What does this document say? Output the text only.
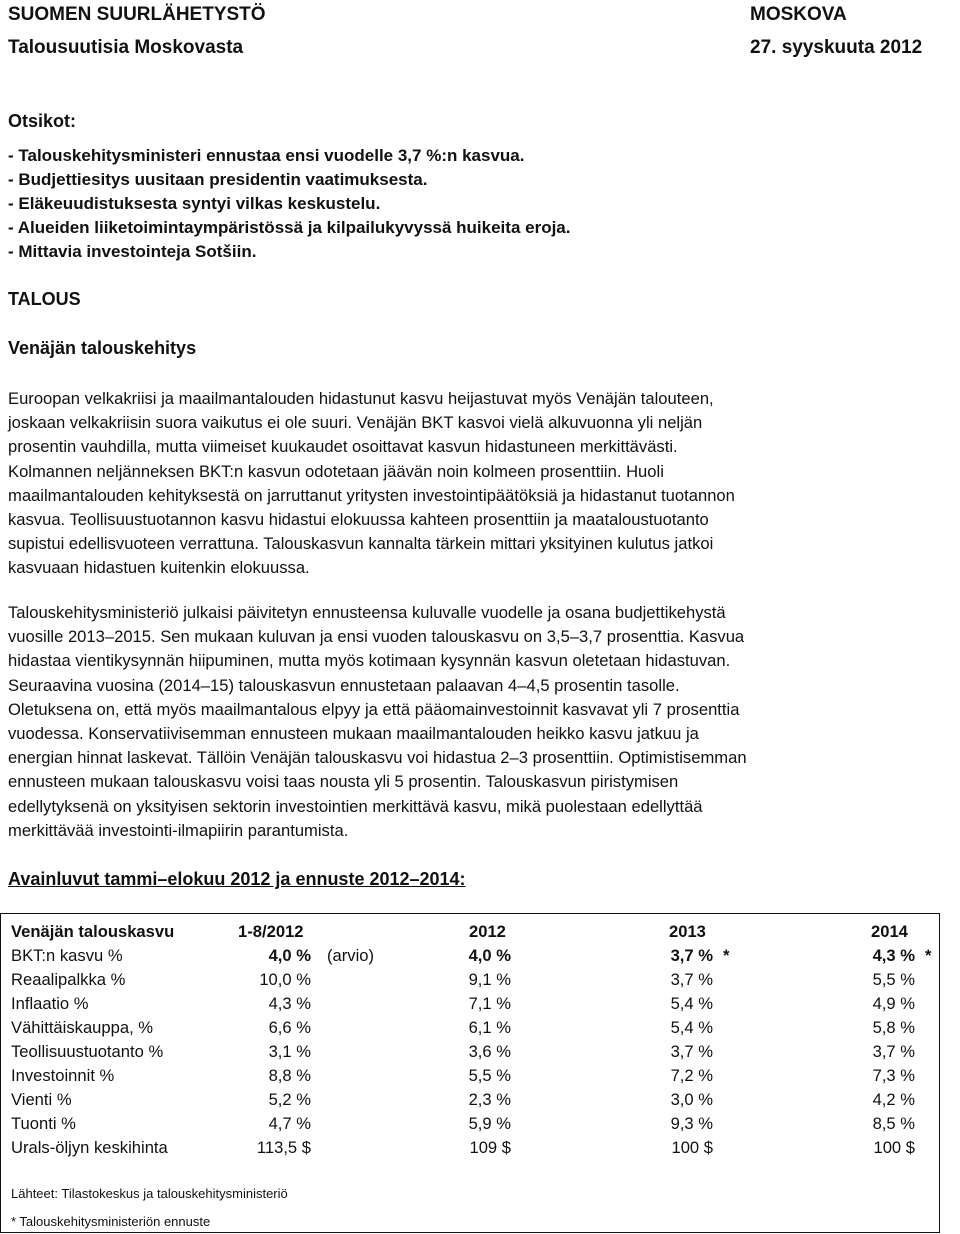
SUOMEN SUURLÄHETYSTÖ	MOSKOVA
Talousuutisia Moskovasta	27. syyskuuta 2012
Otsikot:
- Talouskehitysministeri ennustaa ensi vuodelle 3,7 %:n kasvua.
- Budjettiesitys uusitaan presidentin vaatimuksesta.
- Eläkeuudistuksesta syntyi vilkas keskustelu.
- Alueiden liiketoimintaympäristössä ja kilpailukyvyssä huikeita eroja.
- Mittavia investointeja Sotšiin.
TALOUS
Venäjän talouskehitys
Euroopan velkakriisi ja maailmantalouden hidastunut kasvu heijastuvat myös Venäjän talouteen,
joskaan velkakriisin suora vaikutus ei ole suuri. Venäjän BKT kasvoi vielä alkuvuonna yli neljän
prosentin vauhdilla, mutta viimeiset kuukaudet osoittavat kasvun hidastuneen merkittävästi.
Kolmannen neljänneksen BKT:n kasvun odotetaan jäävän noin kolmeen prosenttiin. Huoli
maailmantalouden kehityksestä on jarruttanut yritysten investointipäätöksiä ja hidastanut tuotannon
kasvua. Teollisuustuotannon kasvu hidastui elokuussa kahteen prosenttiin ja maataloustuotanto
supistui edellisvuoteen verrattuna. Talouskasvun kannalta tärkein mittari yksityinen kulutus jatkoi
kasvuaan hidastuen kuitenkin elokuussa.
Talouskehitysministeriö julkaisi päivitetyn ennusteensa kuluvalle vuodelle ja osana budjettikehystä
vuosille 2013–2015. Sen mukaan kuluvan ja ensi vuoden talouskasvu on 3,5–3,7 prosenttia. Kasvua
hidastaa vientikysynnän hiipuminen, mutta myös kotimaan kysynnän kasvun oletetaan hidastuvan.
Seuraavina vuosina (2014–15) talouskasvun ennustetaan palaavan 4–4,5 prosentin tasolle.
Oletuksena on, että myös maailmantalous elpyy ja että pääomainvestoinnit kasvavat yli 7 prosenttia
vuodessa. Konservatiivisemman ennusteen mukaan maailmantalouden heikko kasvu jatkuu ja
energian hinnat laskevat. Tällöin Venäjän talouskasvu voi hidastua 2–3 prosenttiin. Optimistisemman
ennusteen mukaan talouskasvu voisi taas nousta yli 5 prosentin. Talouskasvun piristymisen
edellytyksenä on yksityisen sektorin investointien merkittävä kasvu, mikä puolestaan edellyttää
merkittävää investointi-ilmapiirin parantumista.
Avainluvut tammi–elokuu 2012 ja ennuste 2012–2014:
Venäjän talouskasvu	1-8/2012	2012	2013	2014
Lähteet: Tilastokeskus ja talouskehitysministeriö
* Talouskehitysministeriön ennuste
BKT:n kasvu %	4,0 % (arvio)	4,0 %	3,7 % *	4,3 % *
Reaalipalkka %	10,0 %	9,1 %	3,7 %	5,5 %
Inflaatio %	4,3 %	7,1 %	5,4 %	4,9 %
Vähittäiskauppa, %	6,6 %	6,1 %	5,4 %	5,8 %
Teollisuustuotanto %	3,1 %	3,6 %	3,7 %	3,7 %
Investoinnit %	8,8 %	5,5 %	7,2 %	7,3 %
Vienti %	5,2 %	2,3 %	3,0 %	4,2 %
Tuonti %	4,7 %	5,9 %	9,3 %	8,5 %
Urals-öljyn keskihinta	113,5 $	109 $	100 $	100 $
